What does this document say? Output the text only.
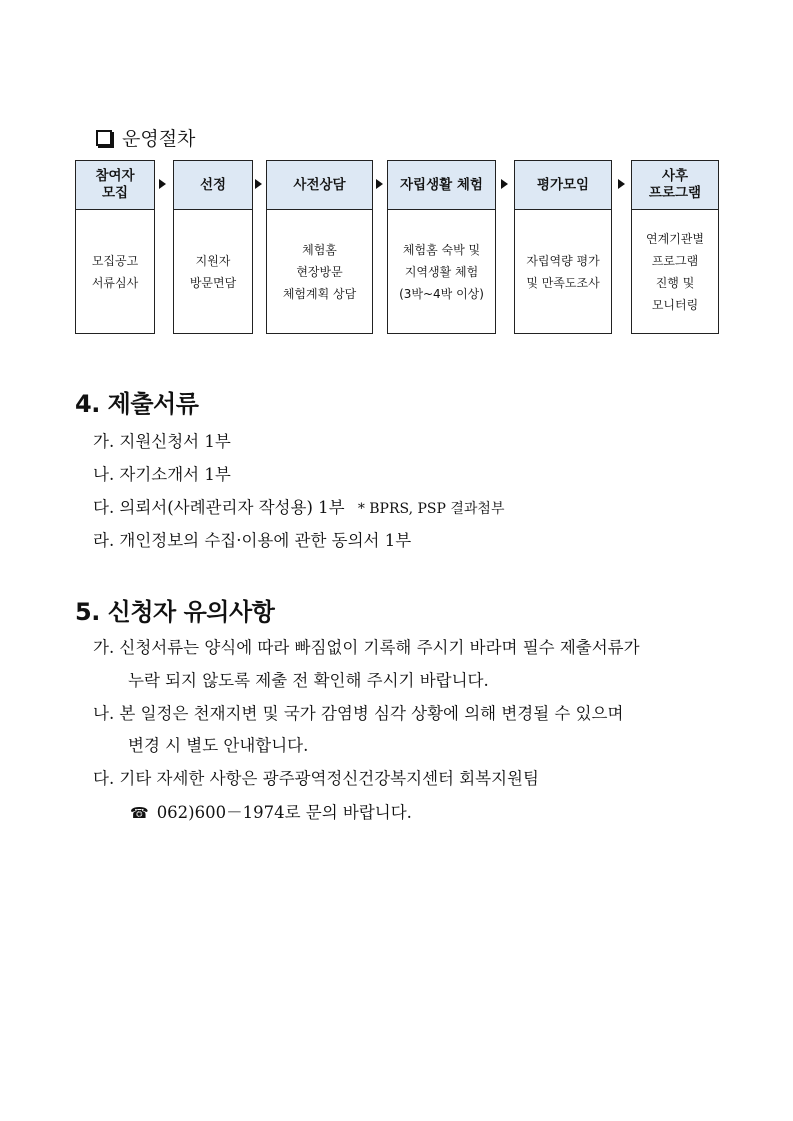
운영절차
참여자
모집
모집공고
서류심사
선정
지원자
방문면담
사전상담
체험홈
현장방문
체험계획 상담
자립생활 체험
체험홈 숙박 및
지역생활 체험
(3박~4박 이상)
평가모임
자립역량 평가
및 만족도조사
사후
프로그램
연계기관별
프로그램
진행 및
모니터링
4. 제출서류
가. 지원신청서 1부
나. 자기소개서 1부
다. 의뢰서(사례관리자 작성용) 1부 * BPRS, PSP 결과첨부
라. 개인정보의 수집·이용에 관한 동의서 1부
5. 신청자 유의사항
가. 신청서류는 양식에 따라 빠짐없이 기록해 주시기 바라며 필수 제출서류가
누락 되지 않도록 제출 전 확인해 주시기 바랍니다.
나. 본 일정은 천재지변 및 국가 감염병 심각 상황에 의해 변경될 수 있으며
변경 시 별도 안내합니다.
다. 기타 자세한 사항은 광주광역정신건강복지센터 회복지원팀
☎ 062)600－1974로 문의 바랍니다.
